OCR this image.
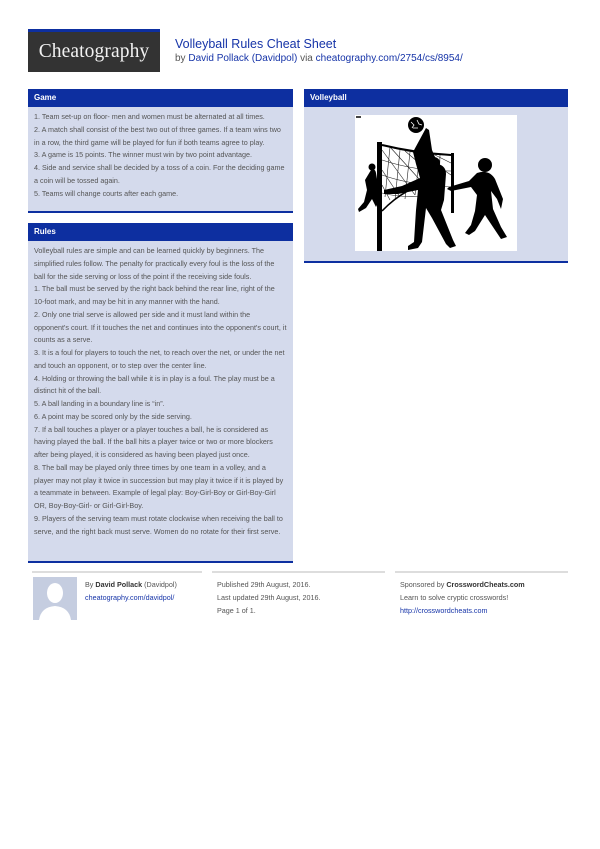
Cheatography Volleyball Rules Cheat Sheet
by David Pollack (Davidpol) via cheatography.com/2754/cs/8954/
Game

1. Team set-up on floor- men and women must be alternated at all times.

2. A match shall consist of the best two out of three games. If a team wins two in a row, the third game will be played for fun if both teams agree to play.

3. A game is 15 points. The winner must win by two point advantage.

4. Side and service shall be decided by a toss of a coin. For the deciding game a coin will be tossed again.

5. Teams will change courts after each game.

Rules

Volleyball rules are simple and can be learned quickly by beginners. The simplified rules follow. The penalty for practically every foul is the loss of the ball for the side serving or loss of the point if the receiving side fouls.

1. The ball must be served by the right back behind the rear line, right of the 10-foot mark, and may be hit in any manner with the hand.

2. Only one trial serve is allowed per side and it must land within the opponent's court. If it touches the net and continues into the opponent's court, it counts as a serve.

3. It is a foul for players to touch the net, to reach over the net, or under the net and touch an opponent, or to step over the center line.

4. Holding or throwing the ball while it is in play is a foul. The play must be a distinct hit of the ball.

5. A ball landing in a boundary line is “in”.

6. A point may be scored only by the side serving.

7. If a ball touches a player or a player touches a ball, he is considered as having played the ball. If the ball hits a player twice or two or more blockers after being played, it is considered as having been played just once.

8. The ball may be played only three times by one team in a volley, and a player may not play it twice in succession but may play it twice if it is played by a teammate in between. Example of legal play: Boy-Girl-Boy or Girl-Boy-Girl OR, Boy-Boy-Girl- or Girl-Girl-Boy.

9. Players of the serving team must rotate clockwise when receiving the ball to serve, and the right back must serve. Women do no rotate for their first serve.

Volleyball
By David Pollack (Davidpol)
cheatography.com/davidpol/
Published 29th August, 2016.
Last updated 29th August, 2016.
Page 1 of 1.
Sponsored by CrosswordCheats.com
Learn to solve cryptic crosswords!
http://crosswordcheats.com
